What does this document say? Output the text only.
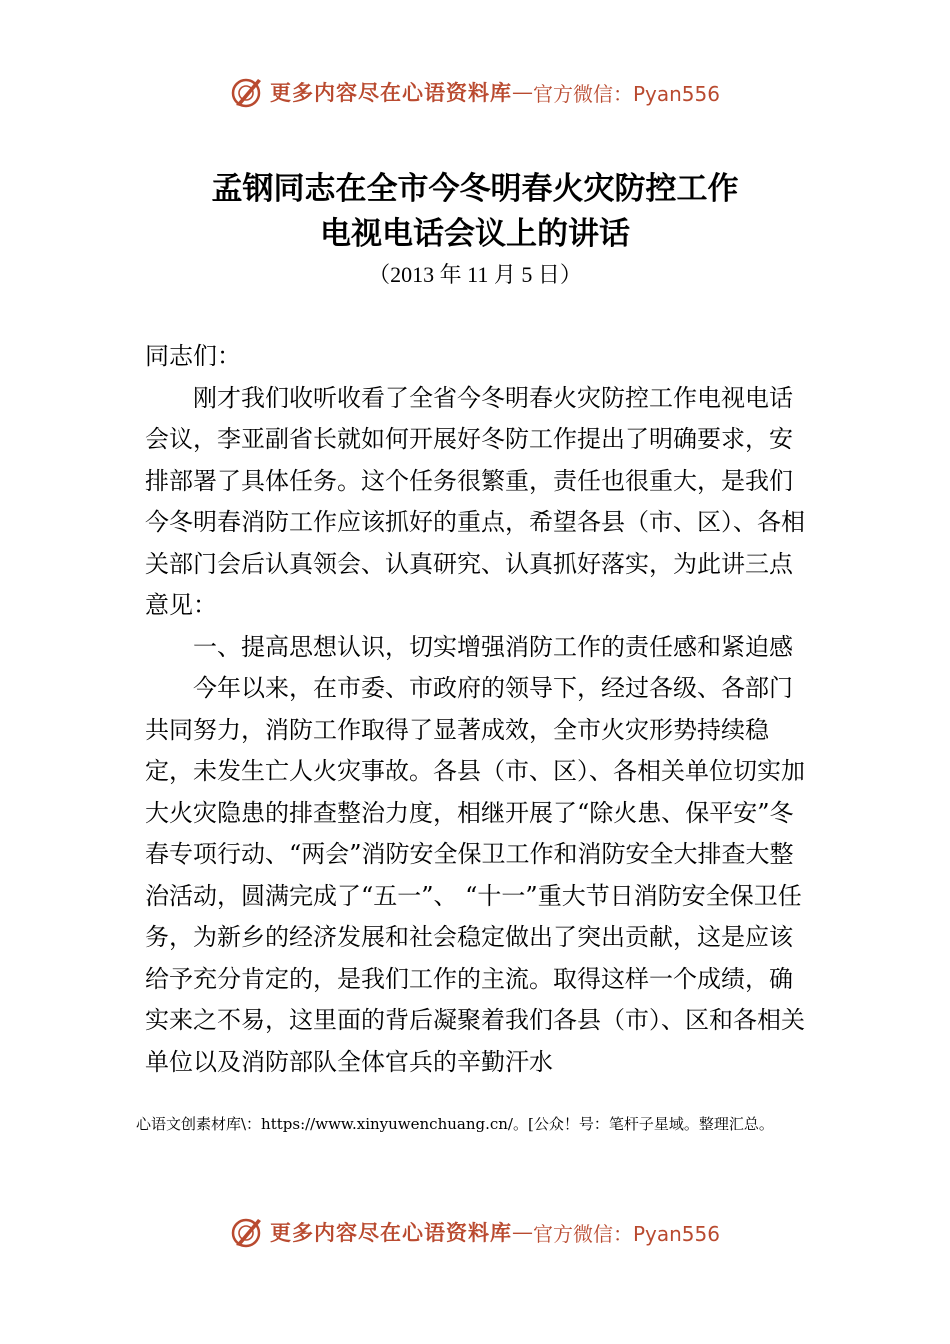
更多内容尽在心语资料库 — 官方微信：Pyan556
孟钢同志在全市今冬明春火灾防控工作
电视电话会议上的讲话
（2013 年 11 月 5 日）

同志们：

刚才我们收听收看了全省今冬明春火灾防控工作电视电话会议，李亚副省长就如何开展好冬防工作提出了明确要求，安排部署了具体任务。这个任务很繁重，责任也很重大，是我们今冬明春消防工作应该抓好的重点，希望各县（市、区）、各相关部门会后认真领会、认真研究、认真抓好落实，为此讲三点意见：

一、提高思想认识，切实增强消防工作的责任感和紧迫感

今年以来，在市委、市政府的领导下，经过各级、各部门共同努力，消防工作取得了显著成效，全市火灾形势持续稳定，未发生亡人火灾事故。各县（市、区）、各相关单位切实加大火灾隐患的排查整治力度，相继开展了“除火患、保平安”冬春专项行动、“两会”消防安全保卫工作和消防安全大排查大整治活动，圆满完成了“五一”、 “十一”重大节日消防安全保卫任务，为新乡的经济发展和社会稳定做出了突出贡献，这是应该给予充分肯定的，是我们工作的主流。取得这样一个成绩，确实来之不易，这里面的背后凝聚着我们各县（市）、区和各相关单位以及消防部队全体官兵的辛勤汗水

心语文创素材库\：https://www.xinyuwenchuang.cn/。[公众！号：笔杆子星域。整理汇总。
更多内容尽在心语资料库 — 官方微信：Pyan556
